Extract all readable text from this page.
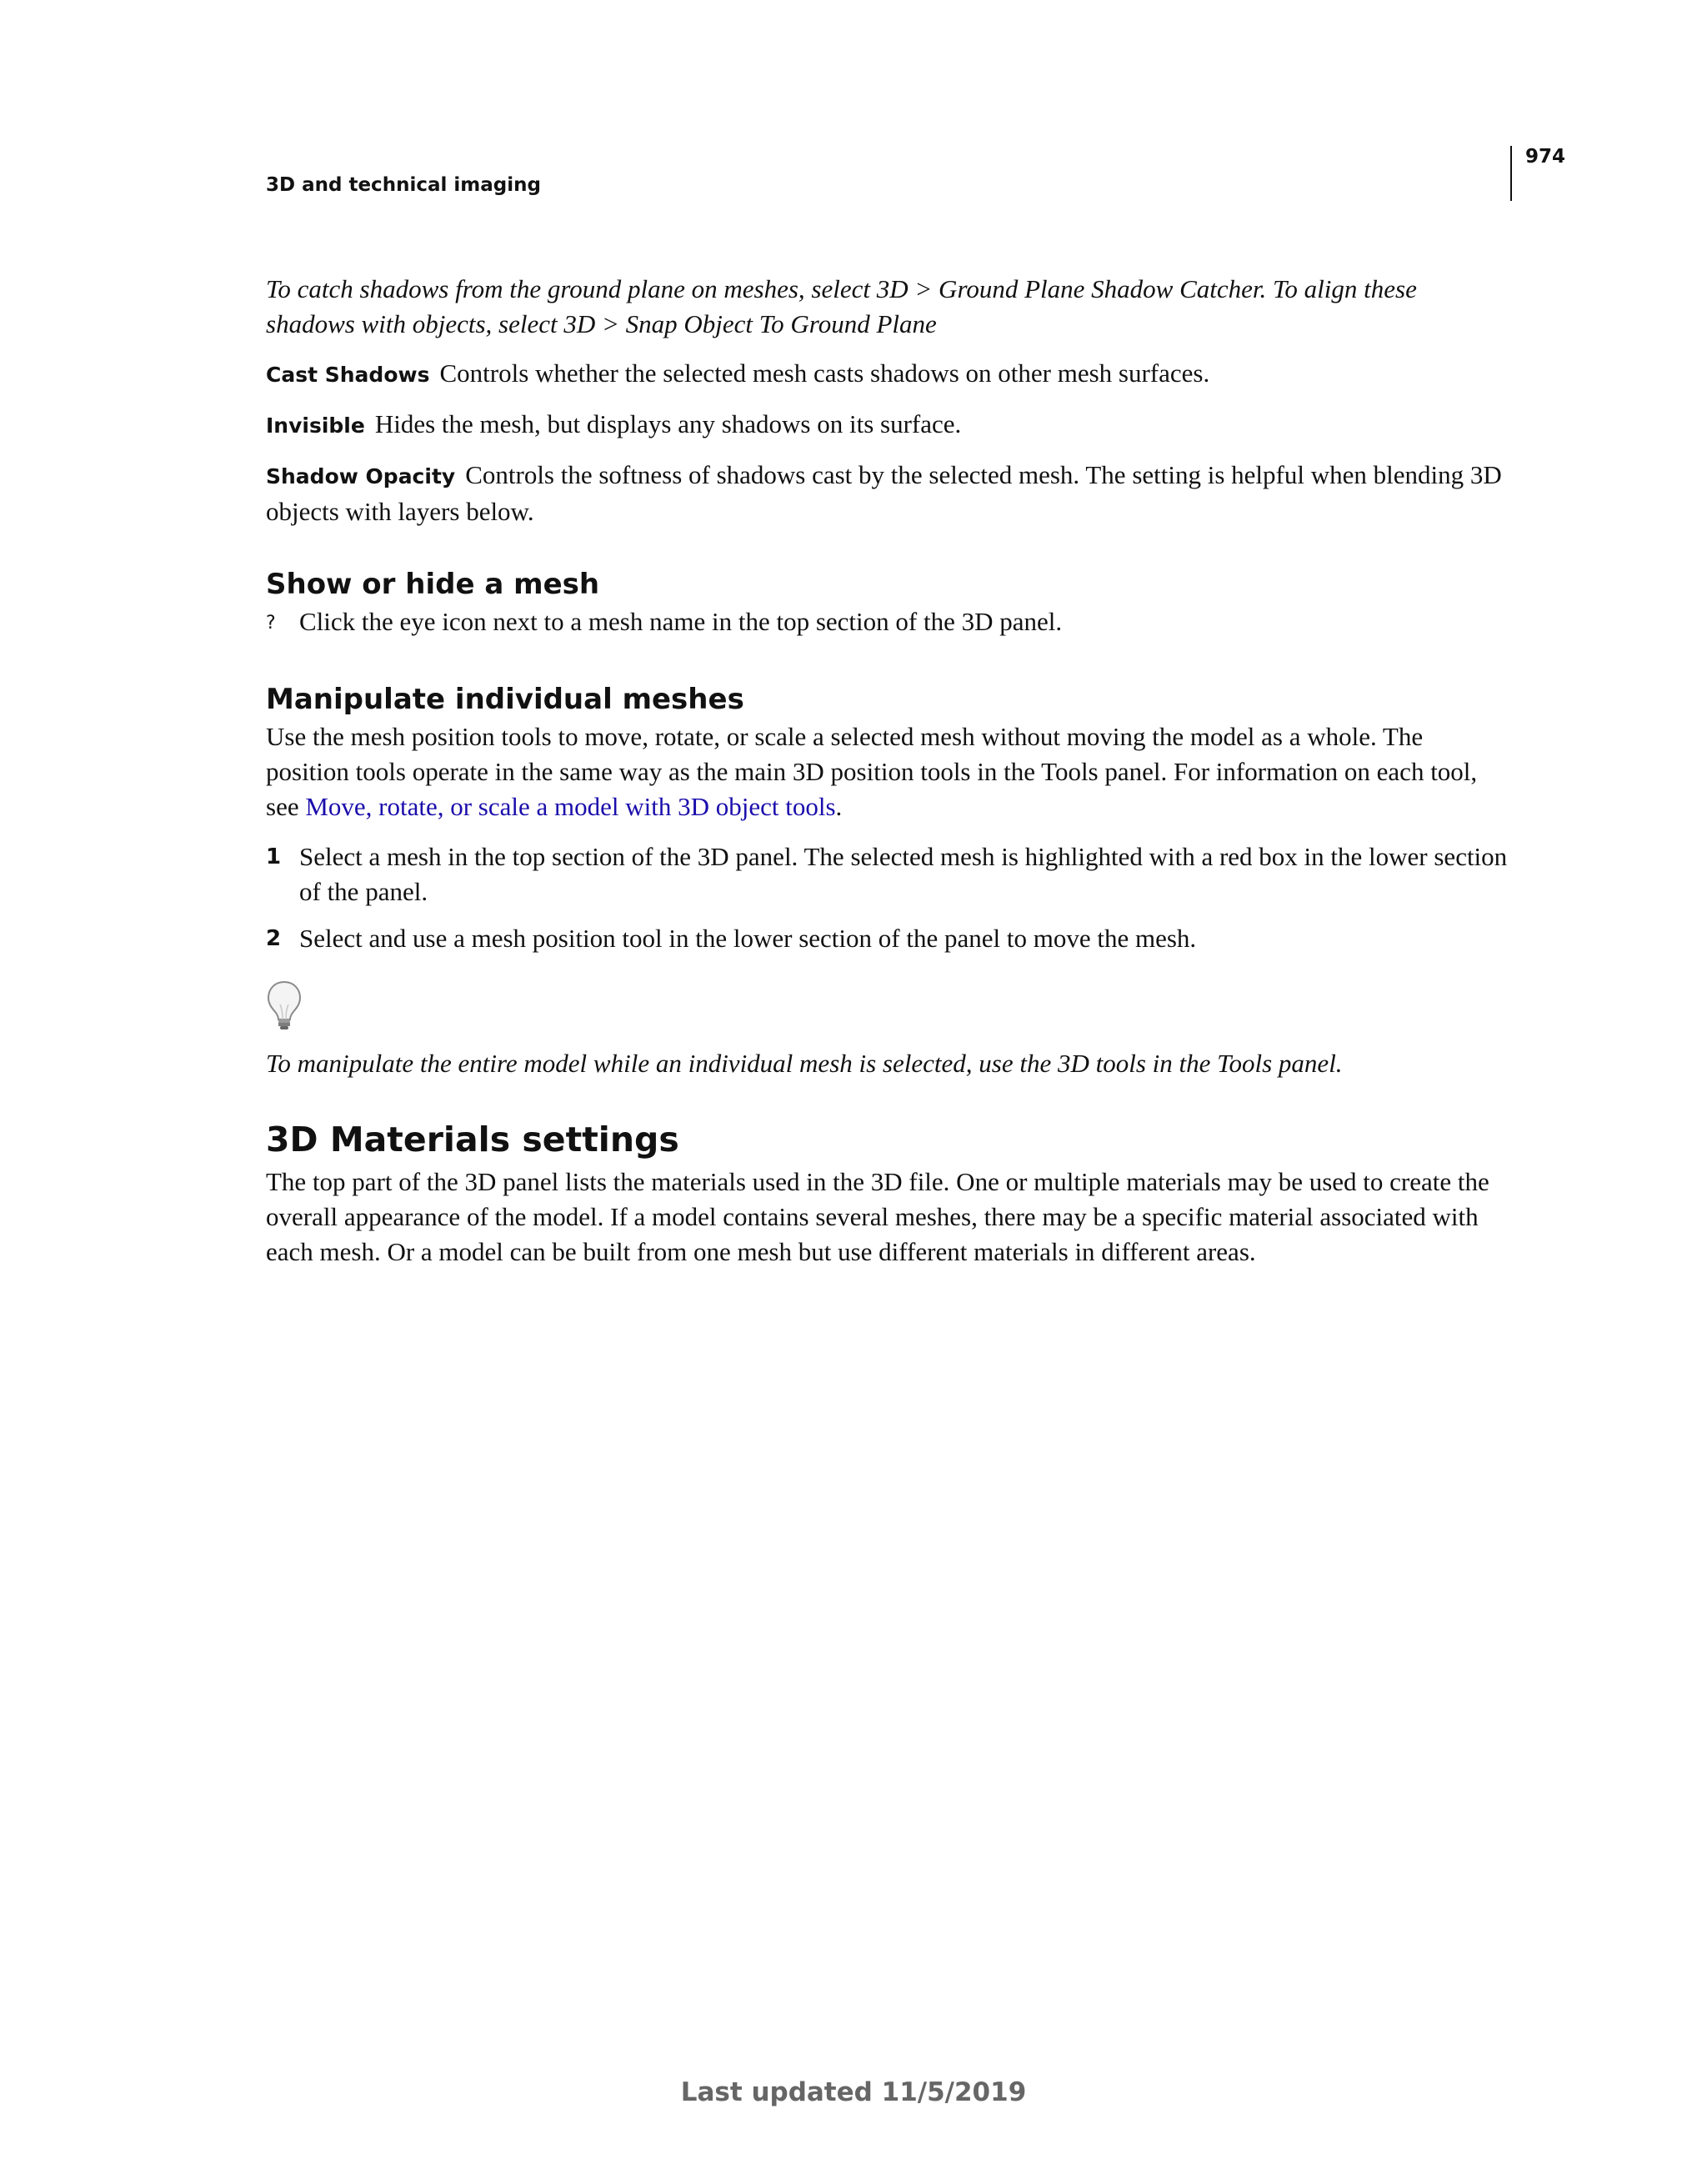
3D and technical imaging
974

To catch shadows from the ground plane on meshes, select 3D > Ground Plane Shadow Catcher. To align these shadows with objects, select 3D > Snap Object To Ground Plane

Cast Shadows Controls whether the selected mesh casts shadows on other mesh surfaces.

Invisible Hides the mesh, but displays any shadows on its surface.

Shadow Opacity Controls the softness of shadows cast by the selected mesh. The setting is helpful when blending 3D objects with layers below.

Show or hide a mesh
? Click the eye icon next to a mesh name in the top section of the 3D panel.
Manipulate individual meshes

Use the mesh position tools to move, rotate, or scale a selected mesh without moving the model as a whole. The position tools operate in the same way as the main 3D position tools in the Tools panel. For information on each tool, see Move, rotate, or scale a model with 3D object tools.

1 Select a mesh in the top section of the 3D panel. The selected mesh is highlighted with a red box in the lower section of the panel.
2 Select and use a mesh position tool in the lower section of the panel to move the mesh.

To manipulate the entire model while an individual mesh is selected, use the 3D tools in the Tools panel.

3D Materials settings

The top part of the 3D panel lists the materials used in the 3D file. One or multiple materials may be used to create the overall appearance of the model. If a model contains several meshes, there may be a specific material associated with each mesh. Or a model can be built from one mesh but use different materials in different areas.

Last updated 11/5/2019
